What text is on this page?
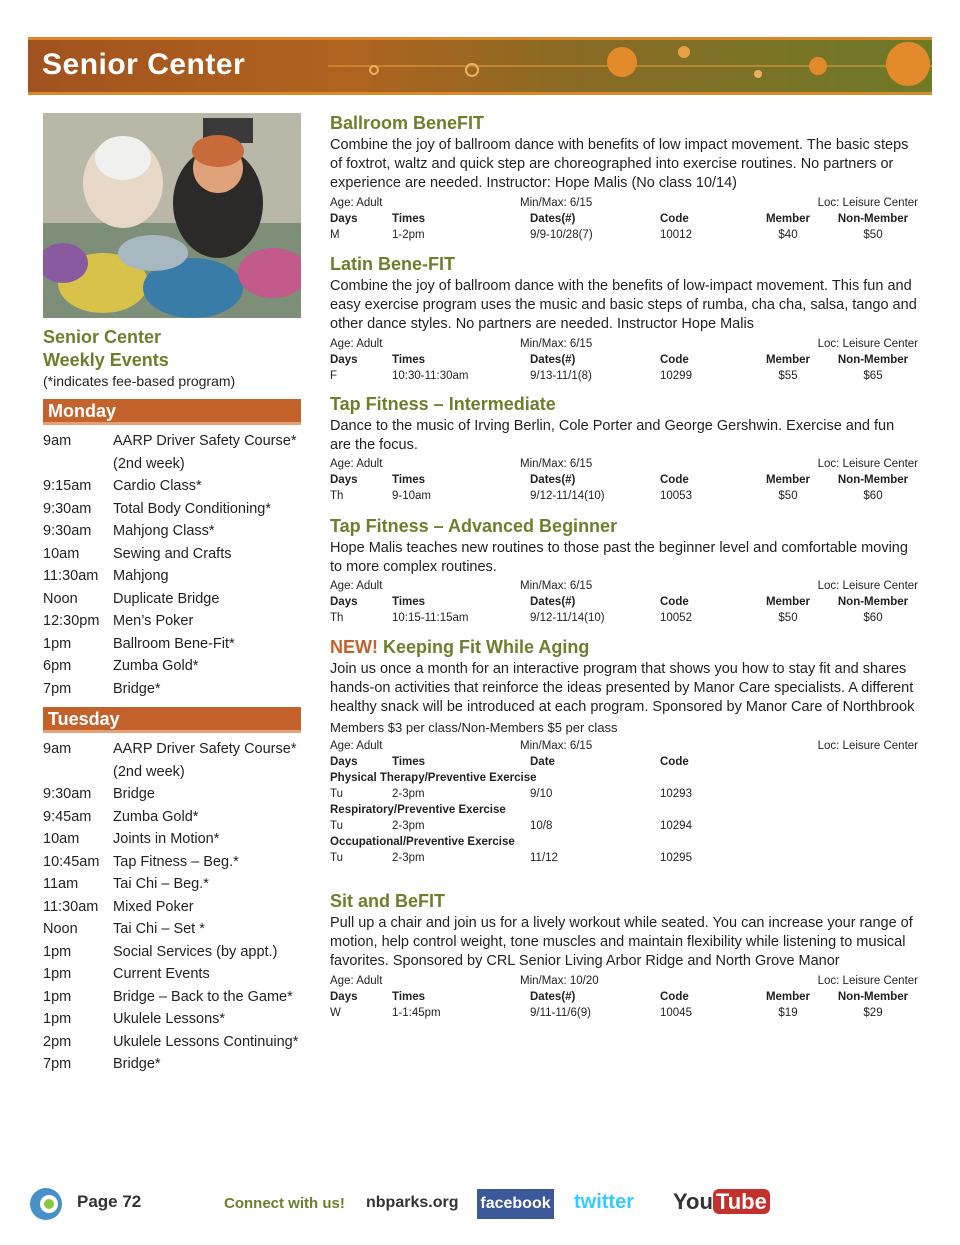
Senior Center
Senior Center
Weekly Events
(*indicates fee-based program)
Monday
9am	AARP Driver Safety Course*
(2nd week)
9:15am	Cardio Class*
9:30am	Total Body Conditioning*
9:30am	Mahjong Class*
10am	Sewing and Crafts
11:30am	Mahjong
Noon	Duplicate Bridge
12:30pm Men’s Poker
1pm	Ballroom Bene-Fit*
6pm	Zumba Gold*
7pm	Bridge*
Tuesday
9am	AARP Driver Safety Course*
(2nd week)
9:30am	Bridge
9:45am	Zumba Gold*
10am	Joints in Motion*
10:45am Tap Fitness – Beg.*
11am	Tai Chi – Beg.*
11:30am	Mixed Poker
Noon	Tai Chi – Set *
1pm	Social Services (by appt.)
1pm	Current Events
1pm	Bridge – Back to the Game*
1pm	Ukulele Lessons*
2pm	Ukulele Lessons Continuing*
7pm	Bridge*
Ballroom BeneFIT
Combine the joy of ballroom dance with benefits of low impact movement. The basic steps of foxtrot, waltz and quick step are choreographed into exercise routines. No partners or experience are needed. Instructor: Hope Malis (No class 10/14)
Age: Adult	Min/Max: 6/15	Loc: Leisure Center
Days	Times	Dates(#)	Code	Member	Non-Member
M	1-2pm	9/9-10/28(7)	10012	$40	$50
Latin Bene-FIT
Combine the joy of ballroom dance with the benefits of low-impact movement. This fun and easy exercise program uses the music and basic steps of rumba, cha cha, salsa, tango and other dance styles. No partners are needed. Instructor Hope Malis
Age: Adult	Min/Max: 6/15	Loc: Leisure Center
Days	Times	Dates(#)	Code	Member	Non-Member
F	10:30-11:30am	9/13-11/1(8)	10299	$55	$65
Tap Fitness – Intermediate
Dance to the music of Irving Berlin, Cole Porter and George Gershwin. Exercise and fun are the focus.
Age: Adult	Min/Max: 6/15	Loc: Leisure Center
Days	Times	Dates(#)	Code	Member	Non-Member
Th	9-10am	9/12-11/14(10)	10053	$50	$60
Tap Fitness – Advanced Beginner
Hope Malis teaches new routines to those past the beginner level and comfortable moving to more complex routines.
Age: Adult	Min/Max: 6/15	Loc: Leisure Center
Days	Times	Dates(#)	Code	Member	Non-Member
Th	10:15-11:15am	9/12-11/14(10)	10052	$50	$60
NEW! Keeping Fit While Aging
Join us once a month for an interactive program that shows you how to stay fit and shares hands-on activities that reinforce the ideas presented by Manor Care specialists. A different healthy snack will be introduced at each program. Sponsored by Manor Care of Northbrook
Members $3 per class/Non-Members $5 per class
Age: Adult	Min/Max: 6/15	Loc: Leisure Center
Days	Times	Date	Code
Physical Therapy/Preventive Exercise
Tu	2-3pm	9/10	10293
Respiratory/Preventive Exercise
Tu	2-3pm	10/8	10294
Occupational/Preventive Exercise
Tu	2-3pm	11/12	10295
Sit and BeFIT
Pull up a chair and join us for a lively workout while seated. You can increase your range of motion, help control weight, tone muscles and maintain flexibility while listening to musical favorites. Sponsored by CRL Senior Living Arbor Ridge and North Grove Manor
Age: Adult	Min/Max: 10/20	Loc: Leisure Center
Days	Times	Dates(#)	Code	Member	Non-Member
W	1-1:45pm	9/11-11/6(9)	10045	$19	$29
Page 72	Connect with us! nbparks.org facebook twitter You Tube
